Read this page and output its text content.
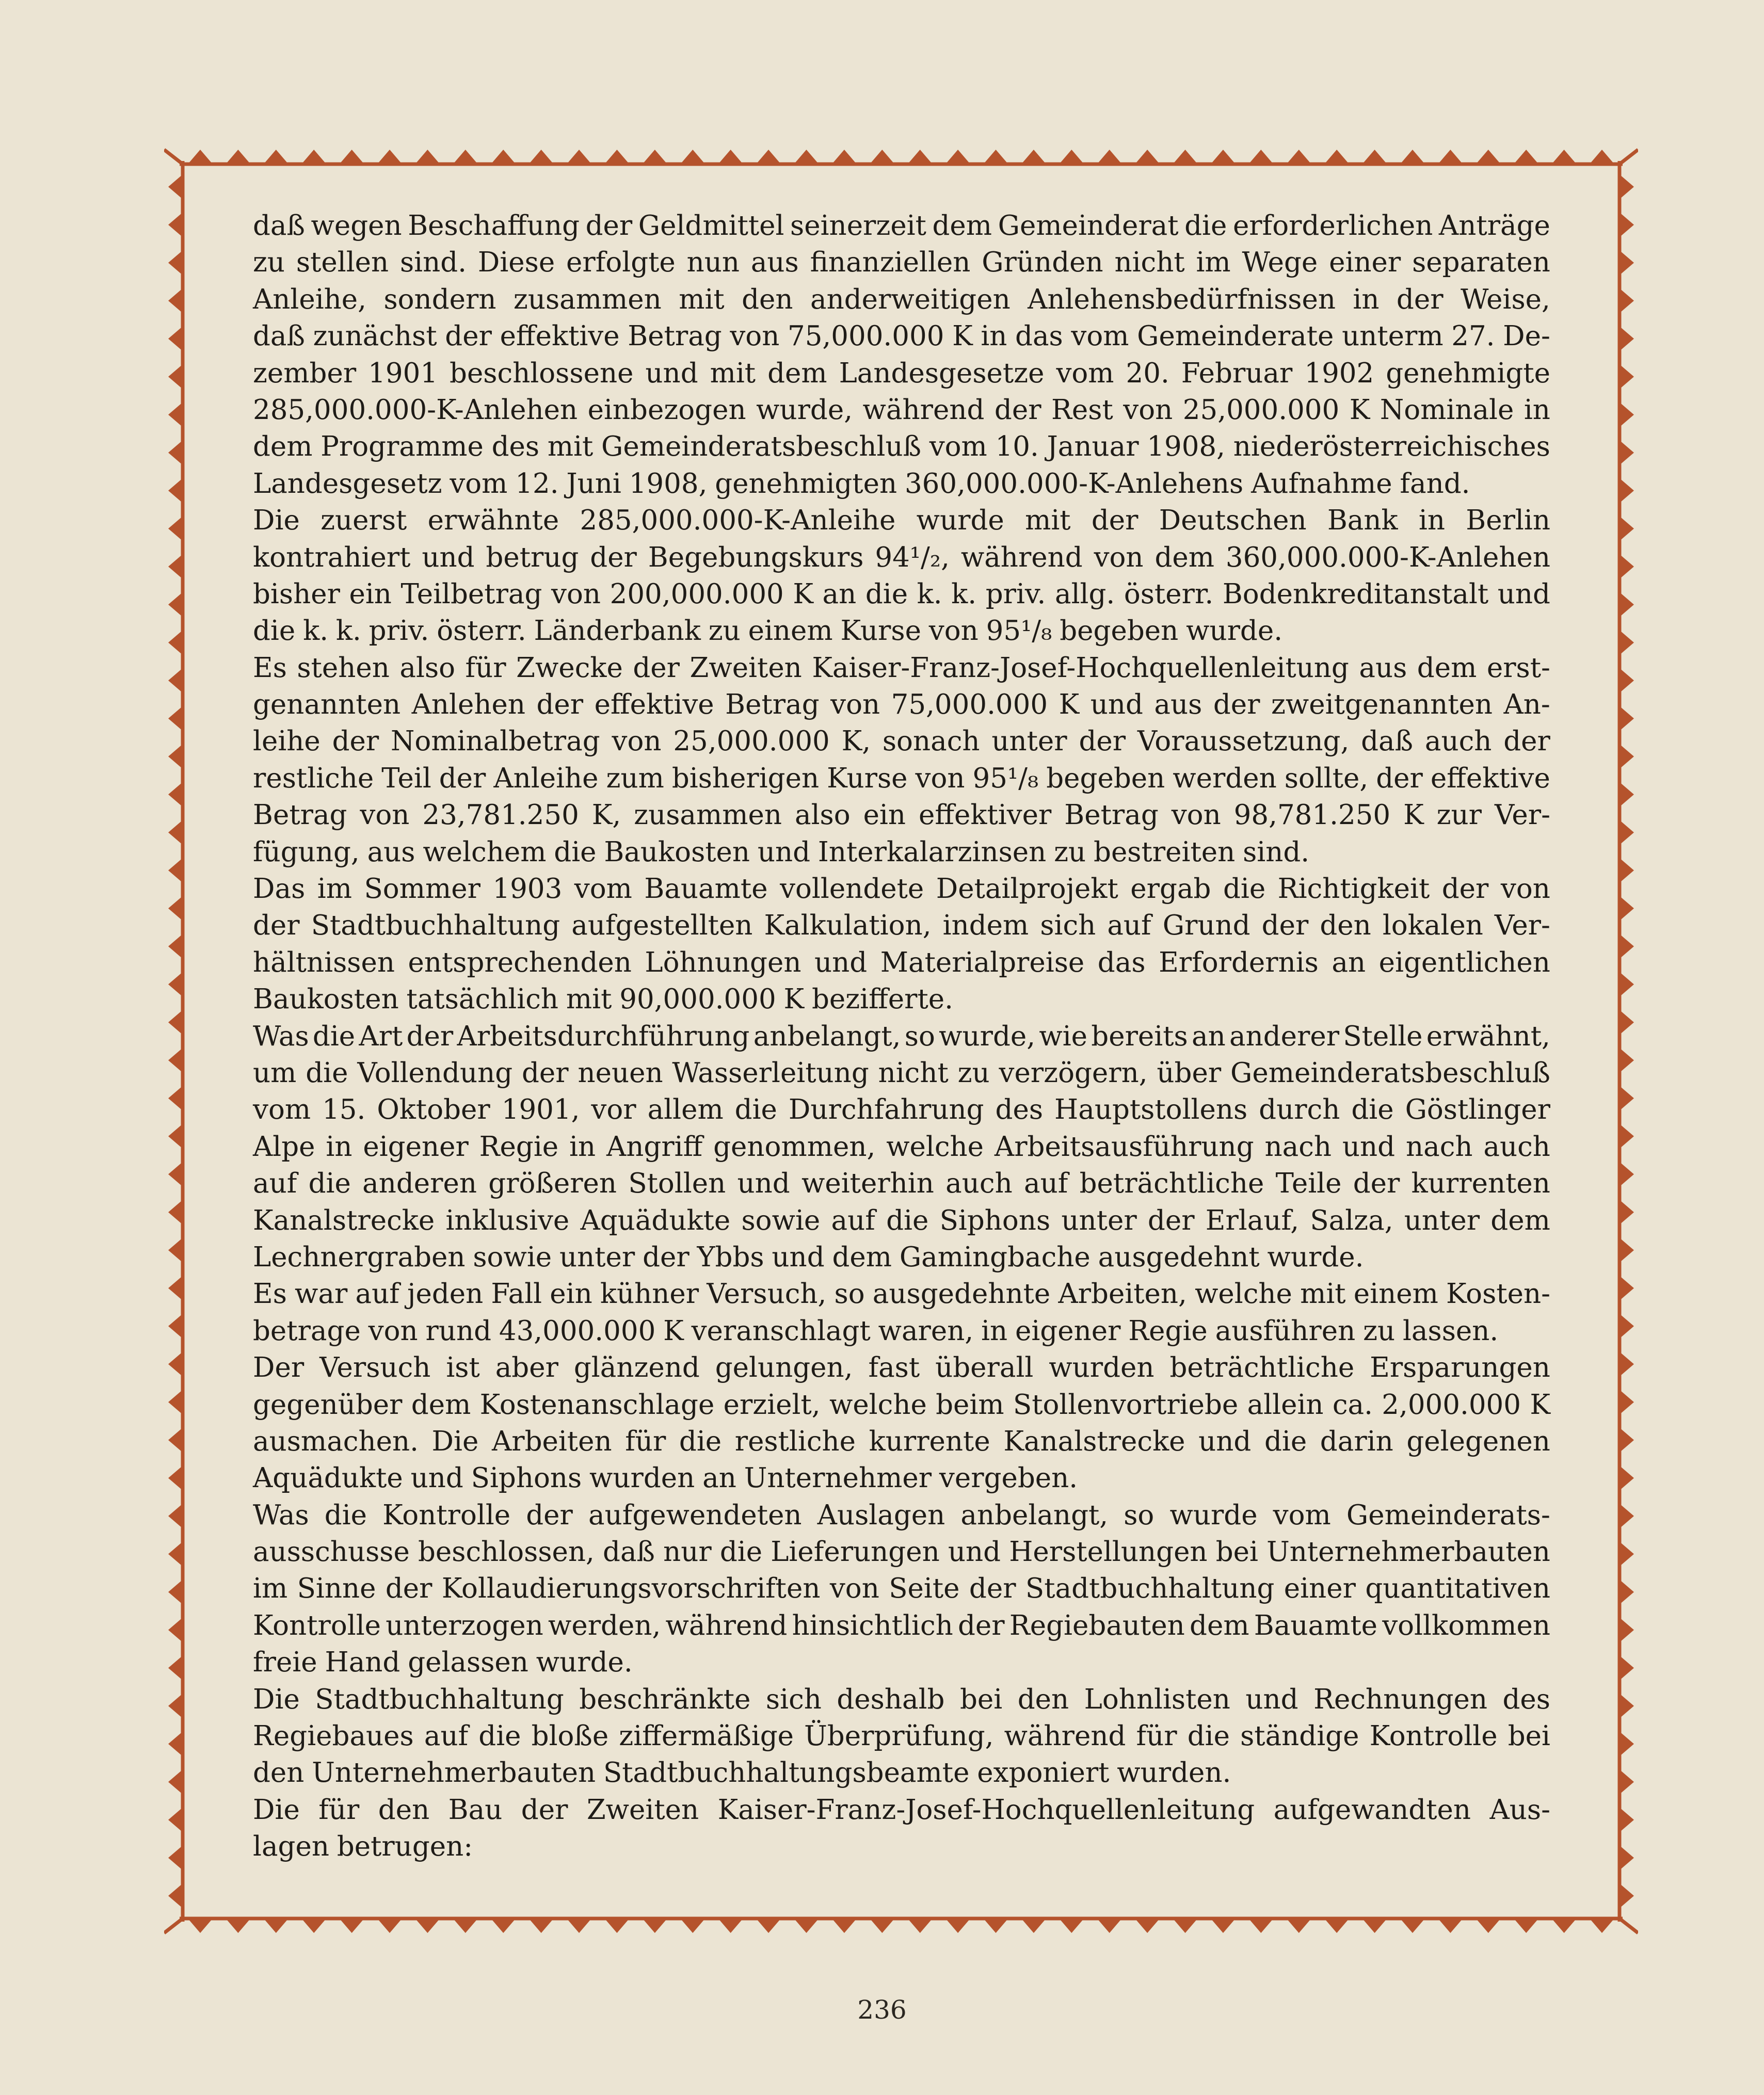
daß wegen Beschaffung der Geldmittel seinerzeit dem Gemeinderat die erforderlichen Anträge
zu stellen sind. Diese erfolgte nun aus finanziellen Gründen nicht im Wege einer separaten
Anleihe, sondern zusammen mit den anderweitigen Anlehensbedürfnissen in der Weise,
daß zunächst der effektive Betrag von 75,000.000 K in das vom Gemeinderate unterm 27. De-
zember 1901 beschlossene und mit dem Landesgesetze vom 20. Februar 1902 genehmigte
285,000.000-K-Anlehen einbezogen wurde, während der Rest von 25,000.000 K Nominale in
dem Programme des mit Gemeinderatsbeschluß vom 10. Januar 1908, niederösterreichisches
Landesgesetz vom 12. Juni 1908, genehmigten 360,000.000-K-Anlehens Aufnahme fand.
Die zuerst erwähnte 285,000.000-K-Anleihe wurde mit der Deutschen Bank in Berlin
kontrahiert und betrug der Begebungskurs 94¹/₂, während von dem 360,000.000-K-Anlehen
bisher ein Teilbetrag von 200,000.000 K an die k. k. priv. allg. österr. Bodenkreditanstalt und
die k. k. priv. österr. Länderbank zu einem Kurse von 95¹/₈ begeben wurde.
Es stehen also für Zwecke der Zweiten Kaiser-Franz-Josef-Hochquellenleitung aus dem erst-
genannten Anlehen der effektive Betrag von 75,000.000 K und aus der zweitgenannten An-
leihe der Nominalbetrag von 25,000.000 K, sonach unter der Voraussetzung, daß auch der
restliche Teil der Anleihe zum bisherigen Kurse von 95¹/₈ begeben werden sollte, der effektive
Betrag von 23,781.250 K, zusammen also ein effektiver Betrag von 98,781.250 K zur Ver-
fügung, aus welchem die Baukosten und Interkalarzinsen zu bestreiten sind.
Das im Sommer 1903 vom Bauamte vollendete Detailprojekt ergab die Richtigkeit der von
der Stadtbuchhaltung aufgestellten Kalkulation, indem sich auf Grund der den lokalen Ver-
hältnissen entsprechenden Löhnungen und Materialpreise das Erfordernis an eigentlichen
Baukosten tatsächlich mit 90,000.000 K bezifferte.
Was die Art der Arbeitsdurchführung anbelangt, so wurde, wie bereits an anderer Stelle erwähnt,
um die Vollendung der neuen Wasserleitung nicht zu verzögern, über Gemeinderatsbeschluß
vom 15. Oktober 1901, vor allem die Durchfahrung des Hauptstollens durch die Göstlinger
Alpe in eigener Regie in Angriff genommen, welche Arbeitsausführung nach und nach auch
auf die anderen größeren Stollen und weiterhin auch auf beträchtliche Teile der kurrenten
Kanalstrecke inklusive Aquädukte sowie auf die Siphons unter der Erlauf, Salza, unter dem
Lechnergraben sowie unter der Ybbs und dem Gamingbache ausgedehnt wurde.
Es war auf jeden Fall ein kühner Versuch, so ausgedehnte Arbeiten, welche mit einem Kosten-
betrage von rund 43,000.000 K veranschlagt waren, in eigener Regie ausführen zu lassen.
Der Versuch ist aber glänzend gelungen, fast überall wurden beträchtliche Ersparungen
gegenüber dem Kostenanschlage erzielt, welche beim Stollenvortriebe allein ca. 2,000.000 K
ausmachen. Die Arbeiten für die restliche kurrente Kanalstrecke und die darin gelegenen
Aquädukte und Siphons wurden an Unternehmer vergeben.
Was die Kontrolle der aufgewendeten Auslagen anbelangt, so wurde vom Gemeinderats-
ausschusse beschlossen, daß nur die Lieferungen und Herstellungen bei Unternehmerbauten
im Sinne der Kollaudierungsvorschriften von Seite der Stadtbuchhaltung einer quantitativen
Kontrolle unterzogen werden, während hinsichtlich der Regiebauten dem Bauamte vollkommen
freie Hand gelassen wurde.
Die Stadtbuchhaltung beschränkte sich deshalb bei den Lohnlisten und Rechnungen des
Regiebaues auf die bloße ziffermäßige Überprüfung, während für die ständige Kontrolle bei
den Unternehmerbauten Stadtbuchhaltungsbeamte exponiert wurden.
Die für den Bau der Zweiten Kaiser-Franz-Josef-Hochquellenleitung aufgewandten Aus-
lagen betrugen:
236
